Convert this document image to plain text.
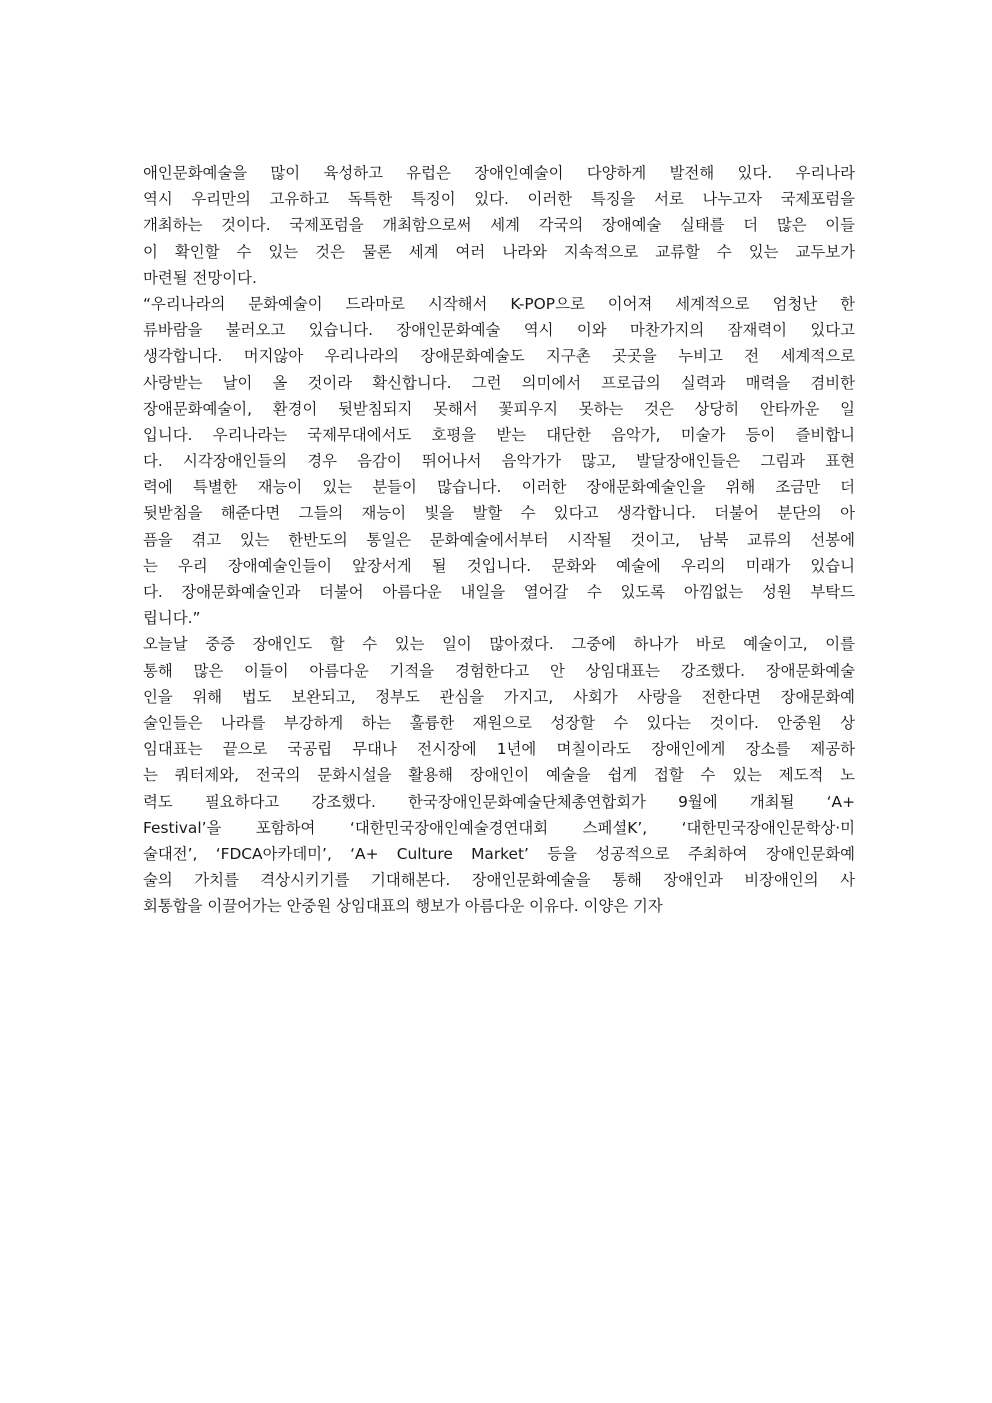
애인문화예술을 많이 육성하고 유럽은 장애인예술이 다양하게 발전해 있다. 우리나라
역시 우리만의 고유하고 독특한 특징이 있다. 이러한 특징을 서로 나누고자 국제포럼을
개최하는 것이다. 국제포럼을 개최함으로써 세계 각국의 장애예술 실태를 더 많은 이들
이 확인할 수 있는 것은 물론 세계 여러 나라와 지속적으로 교류할 수 있는 교두보가
마련될 전망이다.
“우리나라의 문화예술이 드라마로 시작해서 K-POP으로 이어져 세계적으로 엄청난 한
류바람을 불러오고 있습니다. 장애인문화예술 역시 이와 마찬가지의 잠재력이 있다고
생각합니다. 머지않아 우리나라의 장애문화예술도 지구촌 곳곳을 누비고 전 세계적으로
사랑받는 날이 올 것이라 확신합니다. 그런 의미에서 프로급의 실력과 매력을 겸비한
장애문화예술이, 환경이 뒷받침되지 못해서 꽃피우지 못하는 것은 상당히 안타까운 일
입니다. 우리나라는 국제무대에서도 호평을 받는 대단한 음악가, 미술가 등이 즐비합니
다. 시각장애인들의 경우 음감이 뛰어나서 음악가가 많고, 발달장애인들은 그림과 표현
력에 특별한 재능이 있는 분들이 많습니다. 이러한 장애문화예술인을 위해 조금만 더
뒷받침을 해준다면 그들의 재능이 빛을 발할 수 있다고 생각합니다. 더불어 분단의 아
픔을 겪고 있는 한반도의 통일은 문화예술에서부터 시작될 것이고, 남북 교류의 선봉에
는 우리 장애예술인들이 앞장서게 될 것입니다. 문화와 예술에 우리의 미래가 있습니
다. 장애문화예술인과 더불어 아름다운 내일을 열어갈 수 있도록 아낌없는 성원 부탁드
립니다.”
오늘날 중증 장애인도 할 수 있는 일이 많아졌다. 그중에 하나가 바로 예술이고, 이를
통해 많은 이들이 아름다운 기적을 경험한다고 안 상임대표는 강조했다. 장애문화예술
인을 위해 법도 보완되고, 정부도 관심을 가지고, 사회가 사랑을 전한다면 장애문화예
술인들은 나라를 부강하게 하는 훌륭한 재원으로 성장할 수 있다는 것이다. 안중원 상
임대표는 끝으로 국공립 무대나 전시장에 1년에 며칠이라도 장애인에게 장소를 제공하
는 쿼터제와, 전국의 문화시설을 활용해 장애인이 예술을 쉽게 접할 수 있는 제도적 노
력도 필요하다고 강조했다. 한국장애인문화예술단체총연합회가 9월에 개최될 ‘A+
Festival’을 포함하여 ‘대한민국장애인예술경연대회 스페셜K’, ‘대한민국장애인문학상·미
술대전’, ‘FDCA아카데미’, ‘A+ Culture Market’ 등을 성공적으로 주최하여 장애인문화예
술의 가치를 격상시키기를 기대해본다. 장애인문화예술을 통해 장애인과 비장애인의 사
회통합을 이끌어가는 안중원 상임대표의 행보가 아름다운 이유다. 이양은 기자
